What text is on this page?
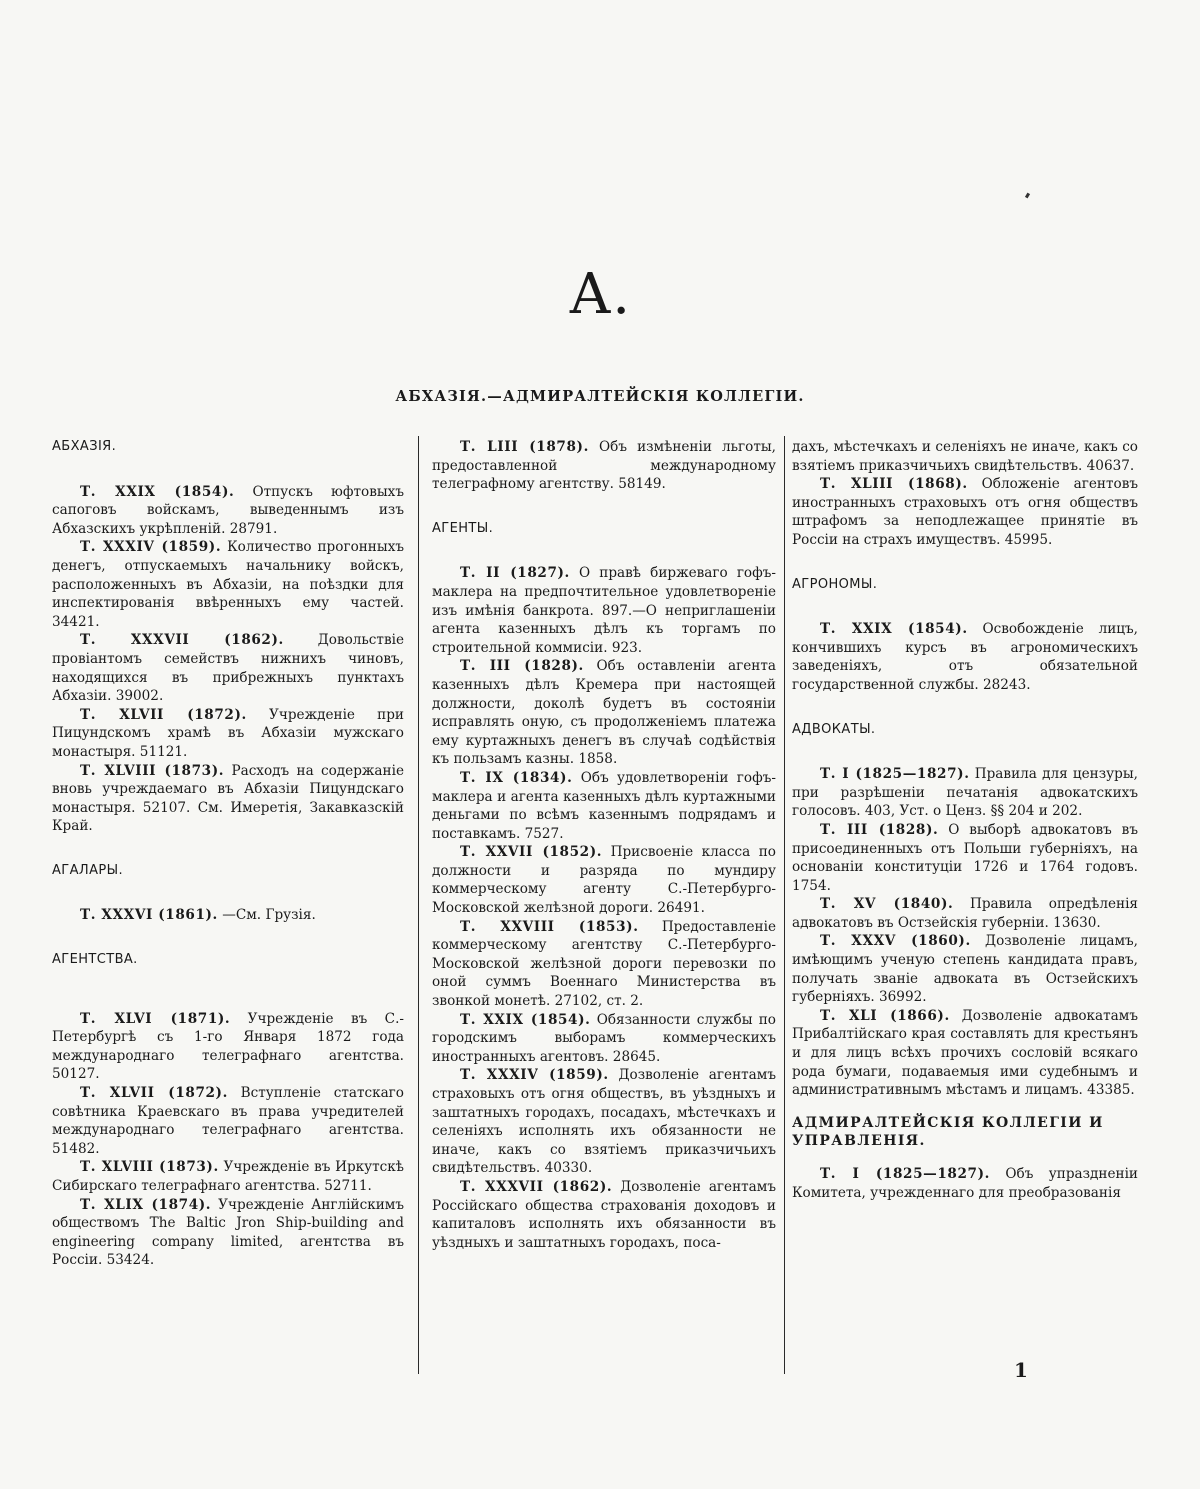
А.
АБХАЗІЯ.—АДМИРАЛТЕЙСКІЯ КОЛЛЕГІИ.

АБХАЗІЯ.

Т. XXIX (1854). Отпускъ юфтовыхъ сапоговъ войскамъ, выведеннымъ изъ Абхазскихъ укрѣпленій. 28791.

Т. XXXIV (1859). Количество прогонныхъ денегъ, отпускаемыхъ начальнику войскъ, расположенныхъ въ Абхазіи, на поѣздки для инспектированія ввѣренныхъ ему частей. 34421.

Т. XXXVII (1862). Довольствіе провіантомъ семействъ нижнихъ чиновъ, находящихся въ прибрежныхъ пунктахъ Абхазіи. 39002.

Т. XLVII (1872). Учрежденіе при Пицундскомъ храмѣ въ Абхазіи мужскаго монастыря. 51121.

Т. XLVIII (1873). Расходъ на содержаніе вновь учреждаемаго въ Абхазіи Пицундскаго монастыря. 52107. См. Имеретія, Закавказскій Край.

АГАЛАРЫ.

Т. XXXVI (1861). —См. Грузія.

АГЕНТСТВА.

Т. XLVI (1871). Учрежденіе въ С.-Петербургѣ съ 1-го Января 1872 года международнаго телеграфнаго агентства. 50127.

Т. XLVII (1872). Вступленіе статскаго совѣтника Краевскаго въ права учредителей международнаго телеграфнаго агентства. 51482.

Т. XLVIII (1873). Учрежденіе въ Иркутскѣ Сибирскаго телеграфнаго агентства. 52711.

Т. XLIX (1874). Учрежденіе Англійскимъ обществомъ The Baltic Jron Ship-building and engineering company limited, агентства въ Россіи. 53424.

Т. LIII (1878). Объ измѣненіи льготы, предоставленной международному телеграфному агентству. 58149.

АГЕНТЫ.

Т. II (1827). О правѣ биржеваго гофъ-маклера на предпочтительное удовлетвореніе изъ имѣнія банкрота. 897.—О неприглашеніи агента казенныхъ дѣлъ къ торгамъ по строительной коммисіи. 923.

Т. III (1828). Объ оставленіи агента казенныхъ дѣлъ Кремера при настоящей должности, доколѣ будетъ въ состояніи исправлять оную, съ продолженіемъ платежа ему куртажныхъ денегъ въ случаѣ содѣйствія къ пользамъ казны. 1858.

Т. IX (1834). Объ удовлетвореніи гофъ-маклера и агента казенныхъ дѣлъ куртажными деньгами по всѣмъ казеннымъ подрядамъ и поставкамъ. 7527.

Т. XXVII (1852). Присвоеніе класса по должности и разряда по мундиру коммерческому агенту С.-Петербурго-Московской желѣзной дороги. 26491.

Т. XXVIII (1853). Предоставленіе коммерческому агентству С.-Петербурго-Московской желѣзной дороги перевозки по оной суммъ Военнаго Министерства въ звонкой монетѣ. 27102, ст. 2.

Т. XXIX (1854). Обязанности службы по городскимъ выборамъ коммерческихъ иностранныхъ агентовъ. 28645.

Т. XXXIV (1859). Дозволеніе агентамъ страховыхъ отъ огня обществъ, въ уѣздныхъ и заштатныхъ городахъ, посадахъ, мѣстечкахъ и селеніяхъ исполнять ихъ обязанности не иначе, какъ со взятіемъ приказчичьихъ свидѣтельствъ. 40330.

Т. XXXVII (1862). Дозволеніе агентамъ Россійскаго общества страхованія доходовъ и капиталовъ исполнять ихъ обязанности въ уѣздныхъ и заштатныхъ городахъ, поса-

дахъ, мѣстечкахъ и селеніяхъ не иначе, какъ со взятіемъ приказчичьихъ свидѣтельствъ. 40637.

Т. XLIII (1868). Обложеніе агентовъ иностранныхъ страховыхъ отъ огня обществъ штрафомъ за неподлежащее принятіе въ Россіи на страхъ имуществъ. 45995.

АГРОНОМЫ.

Т. XXIX (1854). Освобожденіе лицъ, кончившихъ курсъ въ агрономическихъ заведеніяхъ, отъ обязательной государственной службы. 28243.

АДВОКАТЫ.

Т. I (1825—1827). Правила для цензуры, при разрѣшеніи печатанія адвокатскихъ голосовъ. 403, Уст. о Ценз. §§ 204 и 202.

Т. III (1828). О выборѣ адвокатовъ въ присоединенныхъ отъ Польши губерніяхъ, на основаніи конституціи 1726 и 1764 годовъ. 1754.

Т. XV (1840). Правила опредѣленія адвокатовъ въ Остзейскія губерніи. 13630.

Т. XXXV (1860). Дозволеніе лицамъ, имѣющимъ ученую степень кандидата правъ, получать званіе адвоката въ Остзейскихъ губерніяхъ. 36992.

Т. XLI (1866). Дозволеніе адвокатамъ Прибалтійскаго края составлять для крестьянъ и для лицъ всѣхъ прочихъ сословій всякаго рода бумаги, подаваемыя ими судебнымъ и административнымъ мѣстамъ и лицамъ. 43385.

АДМИРАЛТЕЙСКІЯ КОЛЛЕГІИ И УПРАВЛЕНІЯ.

Т. I (1825—1827). Объ упраздненіи Комитета, учрежденнаго для преобразованія

1
